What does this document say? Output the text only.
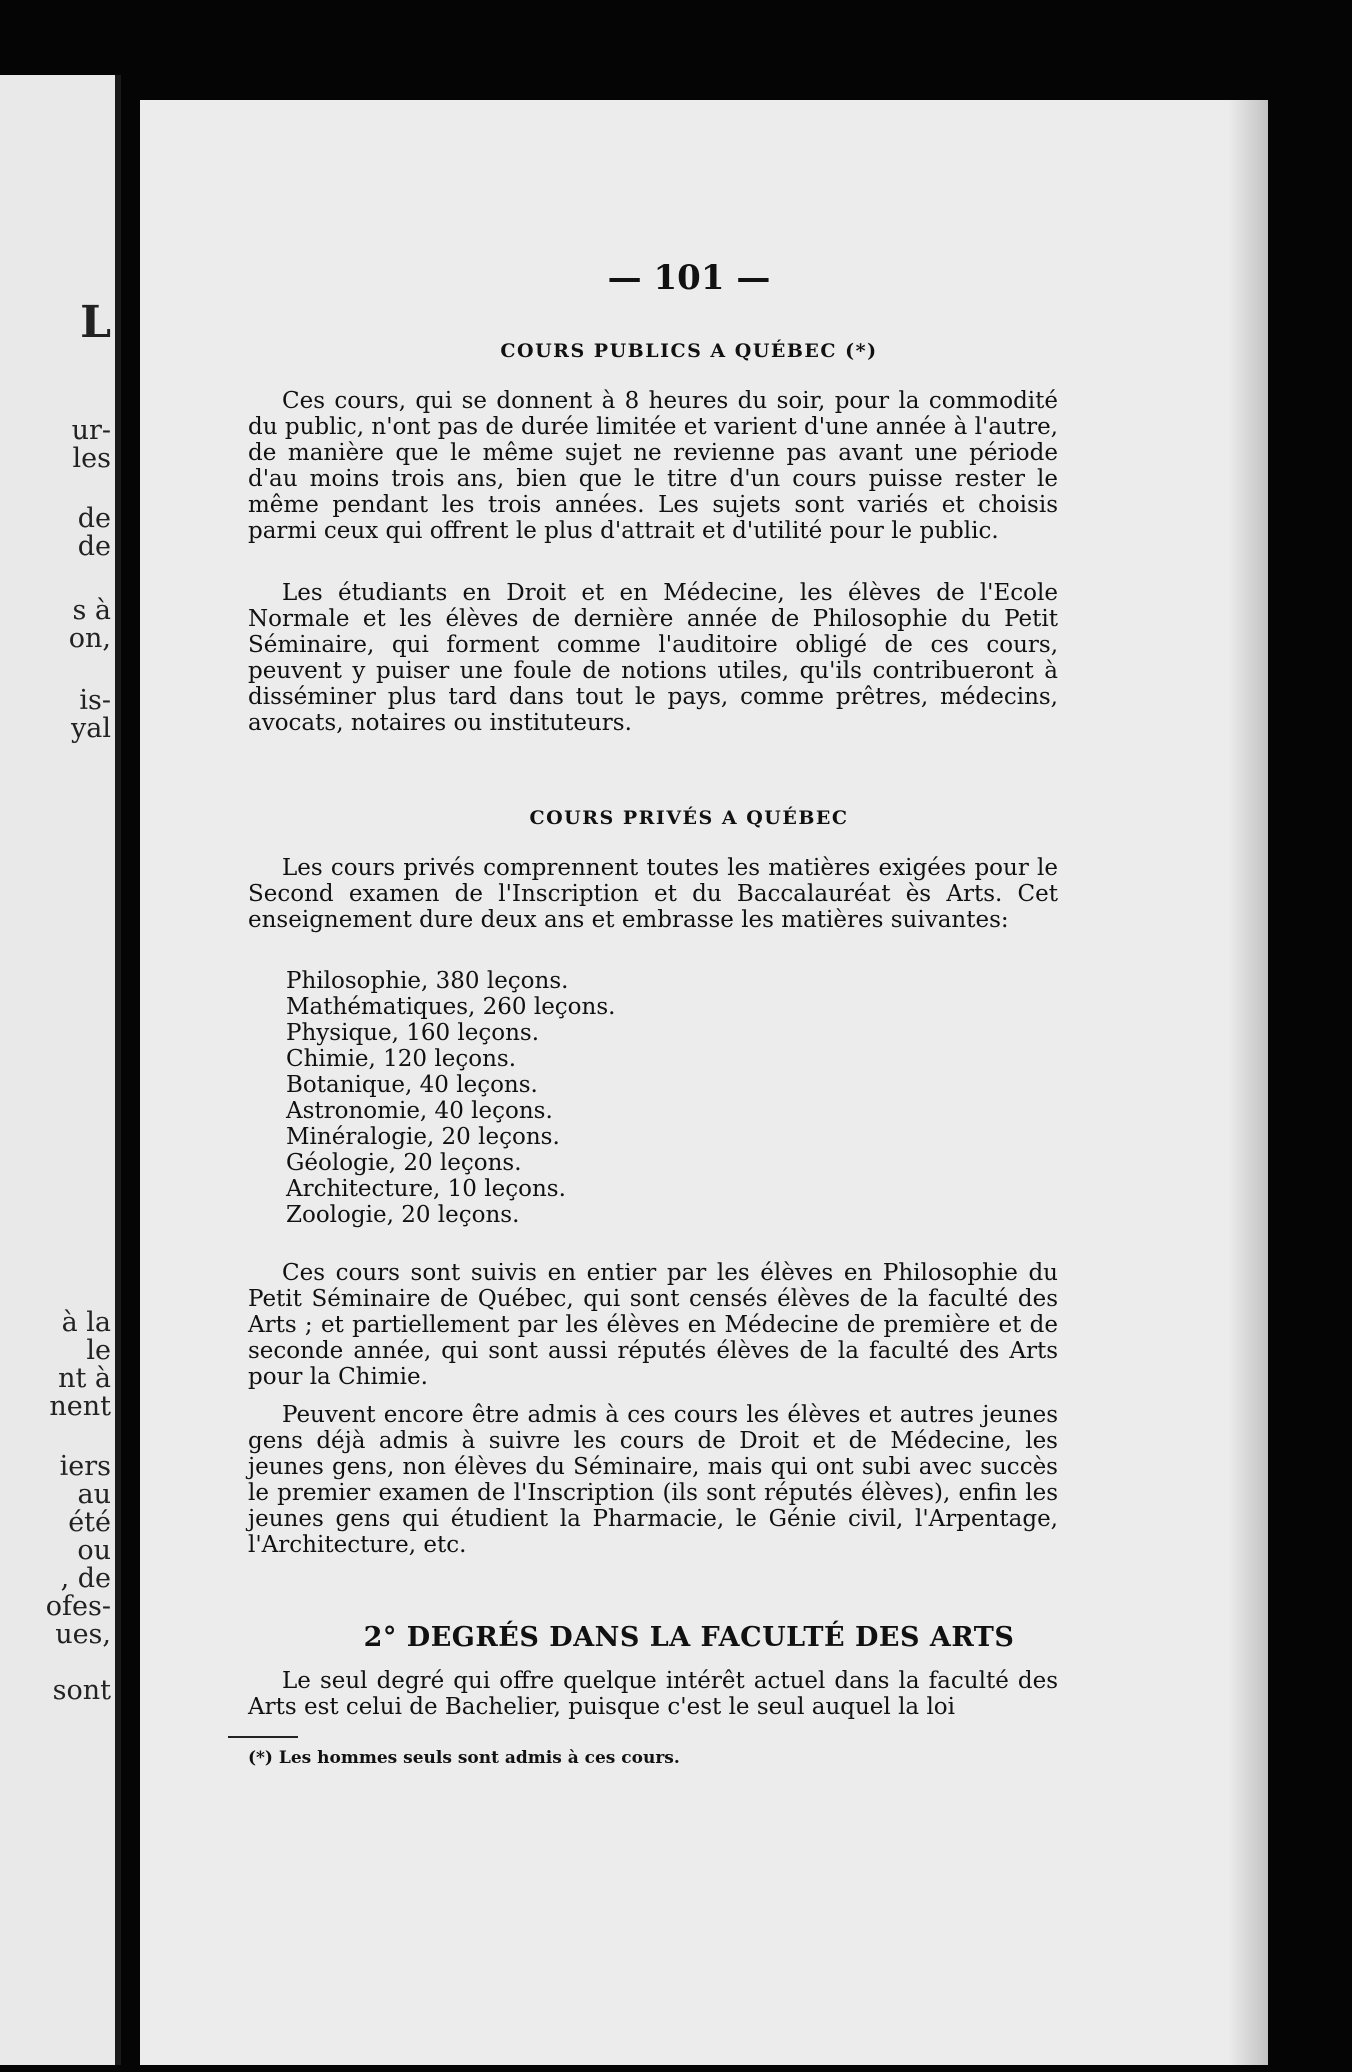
L
ur-
les
de
de
s à
on,
is-
yal
à la
le
nt à
nent
iers
au
été
ou
, de
ofes-
ues,
sont
— 101 —
COURS PUBLICS A QUÉBEC (*)

Ces cours, qui se donnent à 8 heures du soir, pour la commodité du public, n'ont pas de durée limitée et varient d'une année à l'autre, de manière que le même sujet ne revienne pas avant une période d'au moins trois ans, bien que le titre d'un cours puisse rester le même pendant les trois années. Les sujets sont variés et choisis parmi ceux qui offrent le plus d'attrait et d'utilité pour le public.

Les étudiants en Droit et en Médecine, les élèves de l'Ecole Normale et les élèves de dernière année de Philosophie du Petit Séminaire, qui forment comme l'auditoire obligé de ces cours, peuvent y puiser une foule de notions utiles, qu'ils contribueront à disséminer plus tard dans tout le pays, comme prêtres, médecins, avocats, notaires ou instituteurs.

COURS PRIVÉS A QUÉBEC

Les cours privés comprennent toutes les matières exigées pour le Second examen de l'Inscription et du Baccalauréat ès Arts. Cet enseignement dure deux ans et embrasse les matières suivantes:

Philosophie, 380 leçons.
Mathématiques, 260 leçons.
Physique, 160 leçons.
Chimie, 120 leçons.
Botanique, 40 leçons.
Astronomie, 40 leçons.
Minéralogie, 20 leçons.
Géologie, 20 leçons.
Architecture, 10 leçons.
Zoologie, 20 leçons.

Ces cours sont suivis en entier par les élèves en Philosophie du Petit Séminaire de Québec, qui sont censés élèves de la faculté des Arts ; et partiellement par les élèves en Médecine de première et de seconde année, qui sont aussi réputés élèves de la faculté des Arts pour la Chimie.

Peuvent encore être admis à ces cours les élèves et autres jeunes gens déjà admis à suivre les cours de Droit et de Médecine, les jeunes gens, non élèves du Séminaire, mais qui ont subi avec succès le premier examen de l'Inscription (ils sont réputés élèves), enfin les jeunes gens qui étudient la Pharmacie, le Génie civil, l'Arpentage, l'Architecture, etc.

2° DEGRÉS DANS LA FACULTÉ DES ARTS

Le seul degré qui offre quelque intérêt actuel dans la faculté des Arts est celui de Bachelier, puisque c'est le seul auquel la loi

(*) Les hommes seuls sont admis à ces cours.
